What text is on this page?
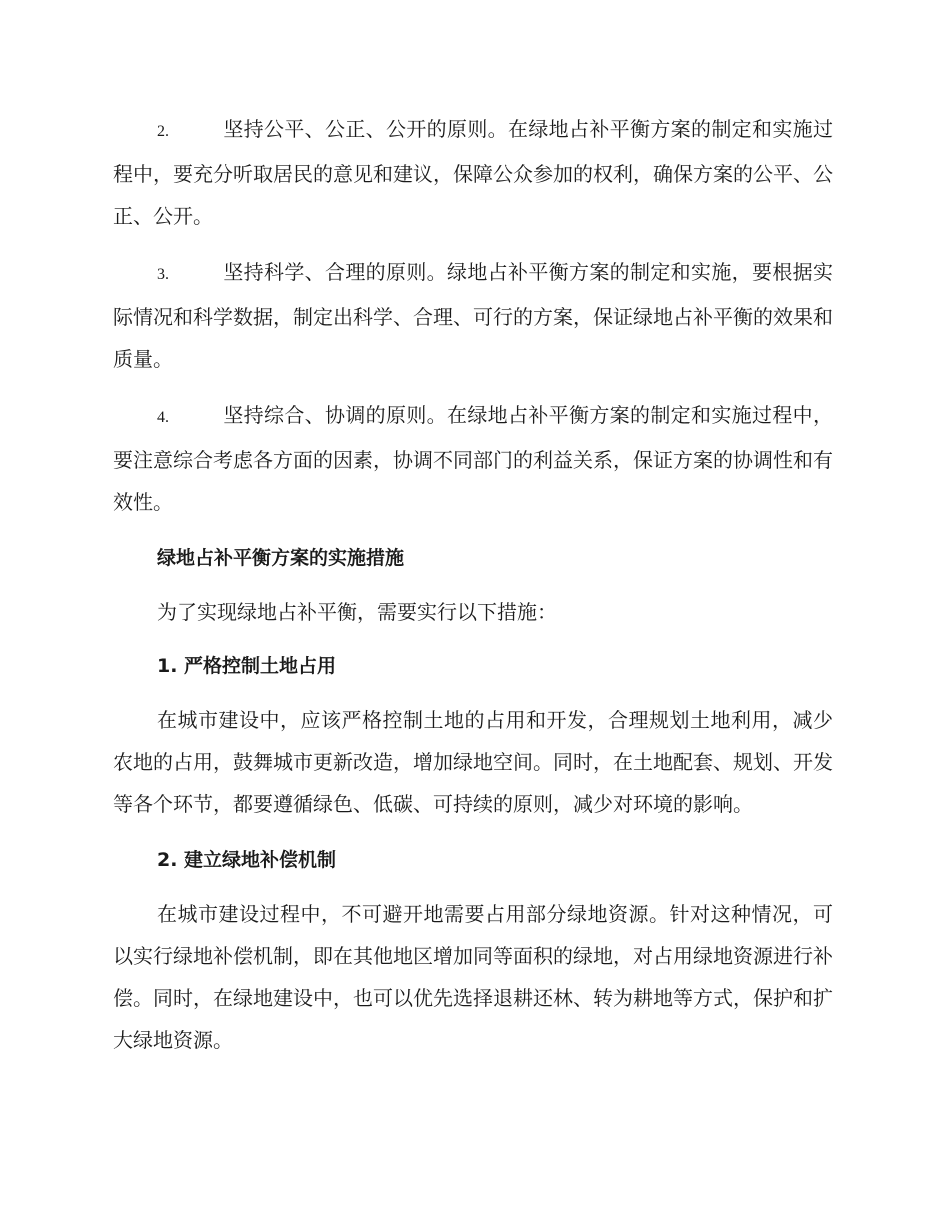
2.	坚持公平、公正、公开的原则。在绿地占补平衡方案的制定和实施过程中，要充分听取居民的意见和建议，保障公众参加的权利，确保方案的公平、公正、公开。

3.	坚持科学、合理的原则。绿地占补平衡方案的制定和实施，要根据实际情况和科学数据，制定出科学、合理、可行的方案，保证绿地占补平衡的效果和质量。

4.	坚持综合、协调的原则。在绿地占补平衡方案的制定和实施过程中，要注意综合考虑各方面的因素，协调不同部门的利益关系，保证方案的协调性和有效性。

绿地占补平衡方案的实施措施

为了实现绿地占补平衡，需要实行以下措施：

1. 严格控制土地占用

在城市建设中，应该严格控制土地的占用和开发，合理规划土地利用，减少农地的占用，鼓舞城市更新改造，增加绿地空间。同时，在土地配套、规划、开发等各个环节，都要遵循绿色、低碳、可持续的原则，减少对环境的影响。

2. 建立绿地补偿机制

在城市建设过程中，不可避开地需要占用部分绿地资源。针对这种情况，可以实行绿地补偿机制，即在其他地区增加同等面积的绿地，对占用绿地资源进行补偿。同时，在绿地建设中，也可以优先选择退耕还林、转为耕地等方式，保护和扩大绿地资源。
